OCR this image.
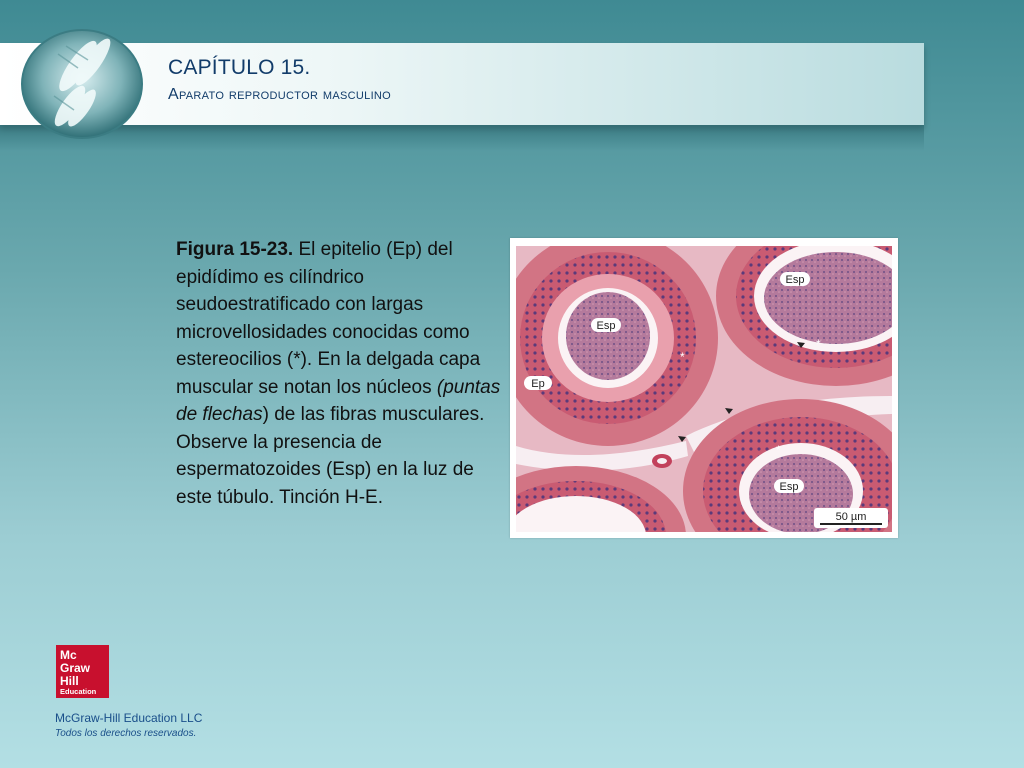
CAPÍTULO 15.
Aparato reproductor masculino
Figura 15-23. El epitelio (Ep) del epidídimo es cilíndrico seudoestratificado con largas microvellosidades conocidas como estereocilios (*). En la delgada capa muscular se notan los núcleos (puntas de flechas) de las fibras musculares. Observe la presencia de espermatozoides (Esp) en la luz de este túbulo. Tinción H-E.
Esp
Esp
Ep
Esp
*
*
*
50 µm
Mc
Graw
Hill
Education
McGraw-Hill Education LLC
Todos los derechos reservados.
